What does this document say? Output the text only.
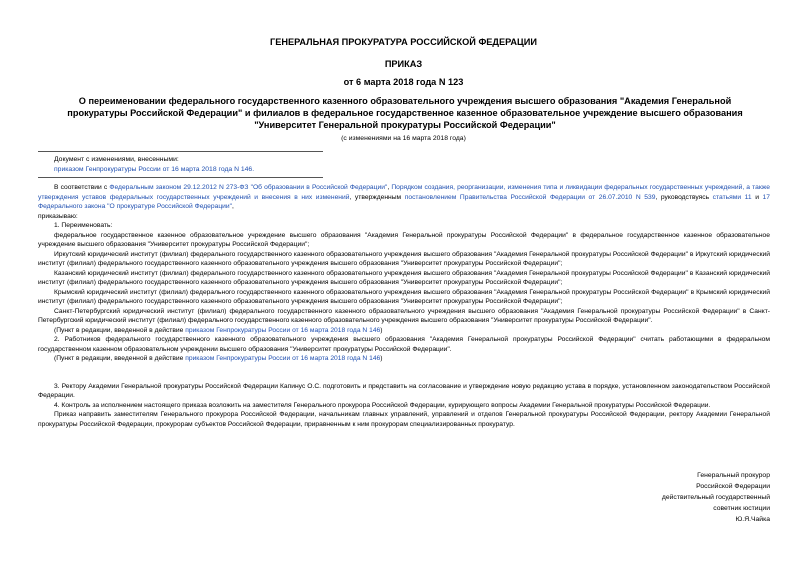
ГЕНЕРАЛЬНАЯ ПРОКУРАТУРА РОССИЙСКОЙ ФЕДЕРАЦИИ
ПРИКАЗ
от 6 марта 2018 года N 123
О переименовании федерального государственного казенного образовательного учреждения высшего образования "Академия Генеральной прокуратуры Российской Федерации" и филиалов в федеральное государственное казенное образовательное учреждение высшего образования "Университет Генеральной прокуратуры Российской Федерации"
(с изменениями на 16 марта 2018 года)
Документ с изменениями, внесенными:
приказом Генпрокуратуры России от 16 марта 2018 года N 146.

В соответствии с Федеральным законом 29.12.2012 N 273-ФЗ "Об образовании в Российской Федерации", Порядком создания, реорганизации, изменения типа и ликвидации федеральных государственных учреждений, а также утверждения уставов федеральных государственных учреждений и внесения в них изменений, утвержденным постановлением Правительства Российской Федерации от 26.07.2010 N 539, руководствуясь статьями 11 и 17 Федерального закона "О прокуратуре Российской Федерации",

приказываю:

1. Переименовать:

федеральное государственное казенное образовательное учреждение высшего образования "Академия Генеральной прокуратуры Российской Федерации" в федеральное государственное казенное образовательное учреждение высшего образования "Университет прокуратуры Российской Федерации";

Иркутский юридический институт (филиал) федерального государственного казенного образовательного учреждения высшего образования "Академия Генеральной прокуратуры Российской Федерации" в Иркутский юридический институт (филиал) федерального государственного казенного образовательного учреждения высшего образования "Университет прокуратуры Российской Федерации";

Казанский юридический институт (филиал) федерального государственного казенного образовательного учреждения высшего образования "Академия Генеральной прокуратуры Российской Федерации" в Казанский юридический институт (филиал) федерального государственного казенного образовательного учреждения высшего образования "Университет прокуратуры Российской Федерации";

Крымский юридический институт (филиал) федерального государственного казенного образовательного учреждения высшего образования "Академия Генеральной прокуратуры Российской Федерации" в Крымский юридический институт (филиал) федерального государственного казенного образовательного учреждения высшего образования "Университет прокуратуры Российской Федерации";

Санкт-Петербургский юридический институт (филиал) федерального государственного казенного образовательного учреждения высшего образования "Академия Генеральной прокуратуры Российской Федерации" в Санкт-Петербургский юридический институт (филиал) федерального государственного казенного образовательного учреждения высшего образования "Университет прокуратуры Российской Федерации".

(Пункт в редакции, введенной в действие приказом Генпрокуратуры России от 16 марта 2018 года N 146)

2. Работников федерального государственного казенного образовательного учреждения высшего образования "Академия Генеральной прокуратуры Российской Федерации" считать работающими в федеральном государственном казенном образовательном учреждении высшего образования "Университет прокуратуры Российской Федерации".

(Пункт в редакции, введенной в действие приказом Генпрокуратуры России от 16 марта 2018 года N 146)

3. Ректору Академии Генеральной прокуратуры Российской Федерации Капинус О.С. подготовить и представить на согласование и утверждение новую редакцию устава в порядке, установленном законодательством Российской Федерации.

4. Контроль за исполнением настоящего приказа возложить на заместителя Генерального прокурора Российской Федерации, курирующего вопросы Академии Генеральной прокуратуры Российской Федерации.

Приказ направить заместителям Генерального прокурора Российской Федерации, начальникам главных управлений, управлений и отделов Генеральной прокуратуры Российской Федерации, ректору Академии Генеральной прокуратуры Российской Федерации, прокурорам субъектов Российской Федерации, приравненным к ним прокурорам специализированных прокуратур.

Генеральный прокурор
Российской Федерации
действительный государственный
советник юстиции
Ю.Я.Чайка
